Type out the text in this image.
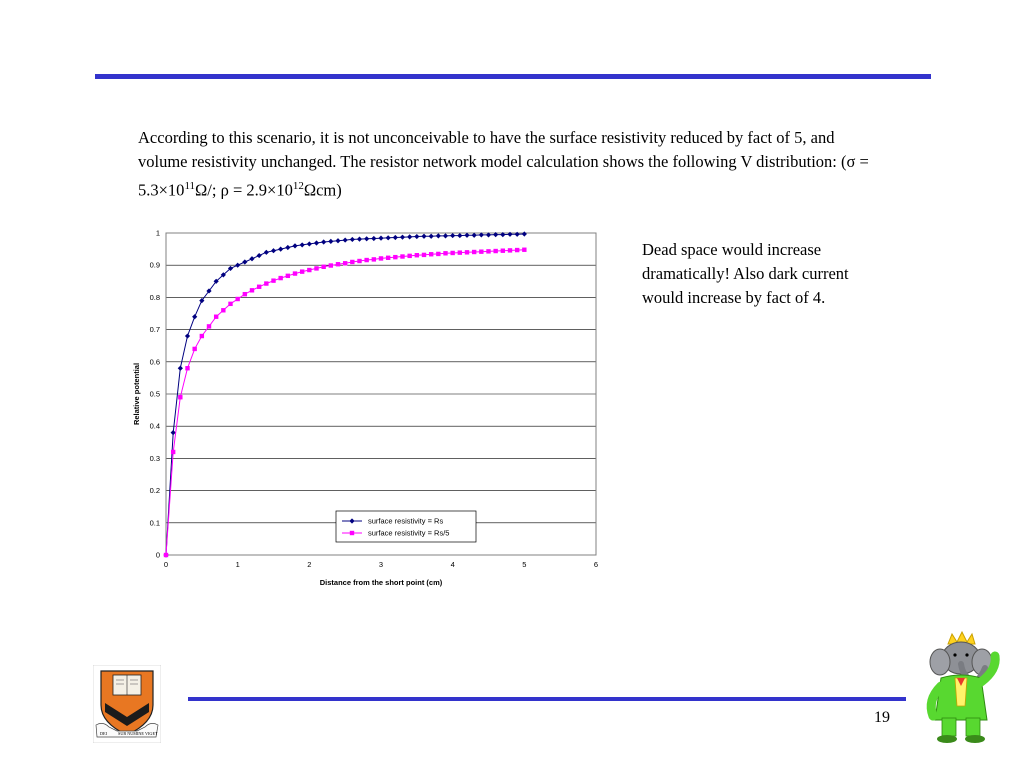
According to this scenario, it is not unconceivable to have the surface resistivity reduced by fact of 5, and volume resistivity unchanged. The resistor network model calculation shows the following V distribution: ($\sigma = 5.3\times 10^{11}\Omega/$; $\rho = 2.9\times 10^{12}\Omega cm$)

0	1	2	3	4	5	6
0
0.1
0.2
0.3
0.4
0.5
0.6
0.7
0.8
0.9
1
Distance from the short point (cm)
Relative potential
surface resistivity = Rs
surface resistivity = Rs/5
Dead space would increase dramatically! Also dark current would increase by fact of 4.
DEI	SUB NUMINE VIGET
19
